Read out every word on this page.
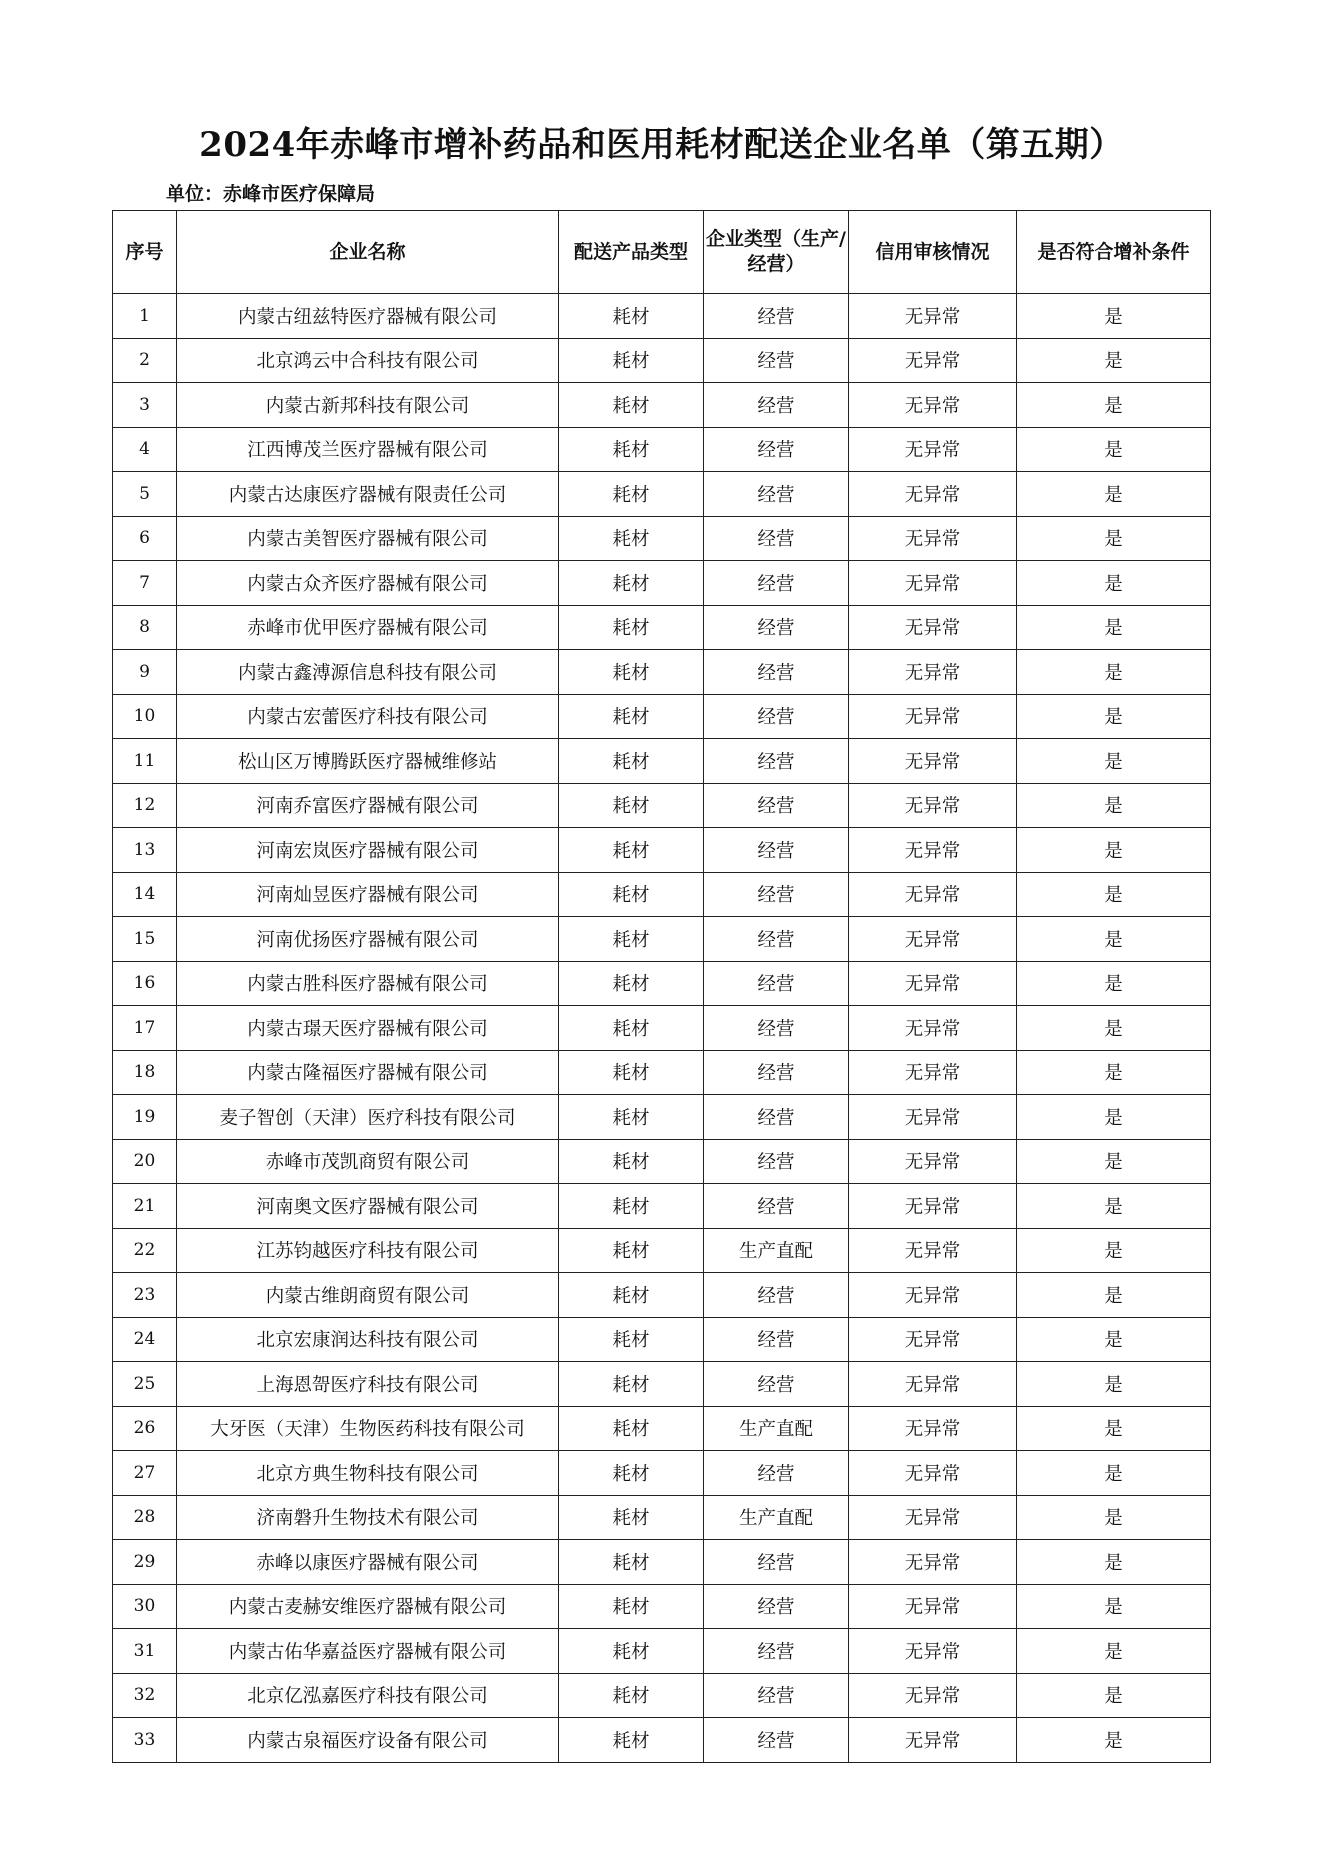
2024年赤峰市增补药品和医用耗材配送企业名单（第五期）
单位：赤峰市医疗保障局
序号	企业名称	配送产品类型	企业类型（生产/经营）	信用审核情况	是否符合增补条件
1	内蒙古纽兹特医疗器械有限公司	耗材	经营	无异常	是
2	北京鸿云中合科技有限公司	耗材	经营	无异常	是
3	内蒙古新邦科技有限公司	耗材	经营	无异常	是
4	江西博茂兰医疗器械有限公司	耗材	经营	无异常	是
5	内蒙古达康医疗器械有限责任公司	耗材	经营	无异常	是
6	内蒙古美智医疗器械有限公司	耗材	经营	无异常	是
7	内蒙古众齐医疗器械有限公司	耗材	经营	无异常	是
8	赤峰市优甲医疗器械有限公司	耗材	经营	无异常	是
9	内蒙古鑫溥源信息科技有限公司	耗材	经营	无异常	是
10	内蒙古宏蕾医疗科技有限公司	耗材	经营	无异常	是
11	松山区万博腾跃医疗器械维修站	耗材	经营	无异常	是
12	河南乔富医疗器械有限公司	耗材	经营	无异常	是
13	河南宏岚医疗器械有限公司	耗材	经营	无异常	是
14	河南灿昱医疗器械有限公司	耗材	经营	无异常	是
15	河南优扬医疗器械有限公司	耗材	经营	无异常	是
16	内蒙古胜科医疗器械有限公司	耗材	经营	无异常	是
17	内蒙古璟天医疗器械有限公司	耗材	经营	无异常	是
18	内蒙古隆福医疗器械有限公司	耗材	经营	无异常	是
19	麦子智创（天津）医疗科技有限公司	耗材	经营	无异常	是
20	赤峰市茂凯商贸有限公司	耗材	经营	无异常	是
21	河南奥文医疗器械有限公司	耗材	经营	无异常	是
22	江苏钧越医疗科技有限公司	耗材	生产直配	无异常	是
23	内蒙古维朗商贸有限公司	耗材	经营	无异常	是
24	北京宏康润达科技有限公司	耗材	经营	无异常	是
25	上海恩哿医疗科技有限公司	耗材	经营	无异常	是
26	大牙医（天津）生物医药科技有限公司	耗材	生产直配	无异常	是
27	北京方典生物科技有限公司	耗材	经营	无异常	是
28	济南磐升生物技术有限公司	耗材	生产直配	无异常	是
29	赤峰以康医疗器械有限公司	耗材	经营	无异常	是
30	内蒙古麦赫安维医疗器械有限公司	耗材	经营	无异常	是
31	内蒙古佑华嘉益医疗器械有限公司	耗材	经营	无异常	是
32	北京亿泓嘉医疗科技有限公司	耗材	经营	无异常	是
33	内蒙古泉福医疗设备有限公司	耗材	经营	无异常	是
